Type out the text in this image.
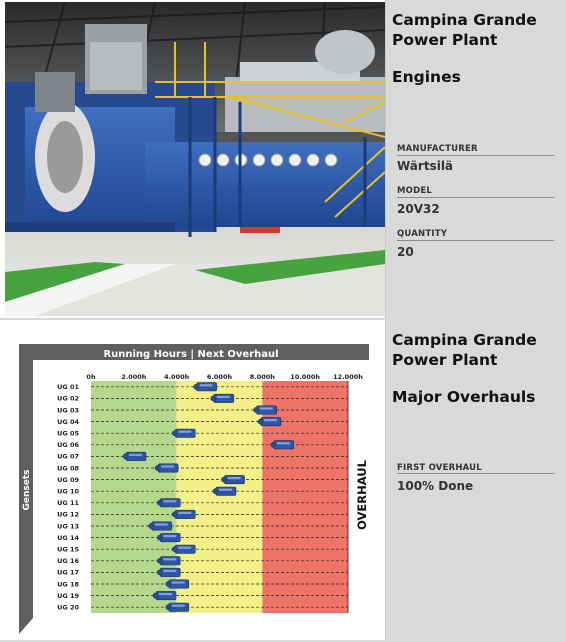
Campina Grande Power Plant
Engines
MANUFACTURER
Wärtsilä
MODEL
20V32
QUANTITY
20
Running Hours | Next Overhaul
Gensets
0h	2.000h	4.000h	6.000h	8.000h 10.000h 12.000h
UG 01
UG 02
UG 03
UG 04
UG 05
UG 06
UG 07
UG 08
UG 09
UG 10
UG 11
UG 12
UG 13
UG 14
UG 15
UG 16
UG 17
UG 18
UG 19
UG 20
OVERHAUL
Campina Grande Power Plant
Major Overhauls
FIRST OVERHAUL
100% Done
